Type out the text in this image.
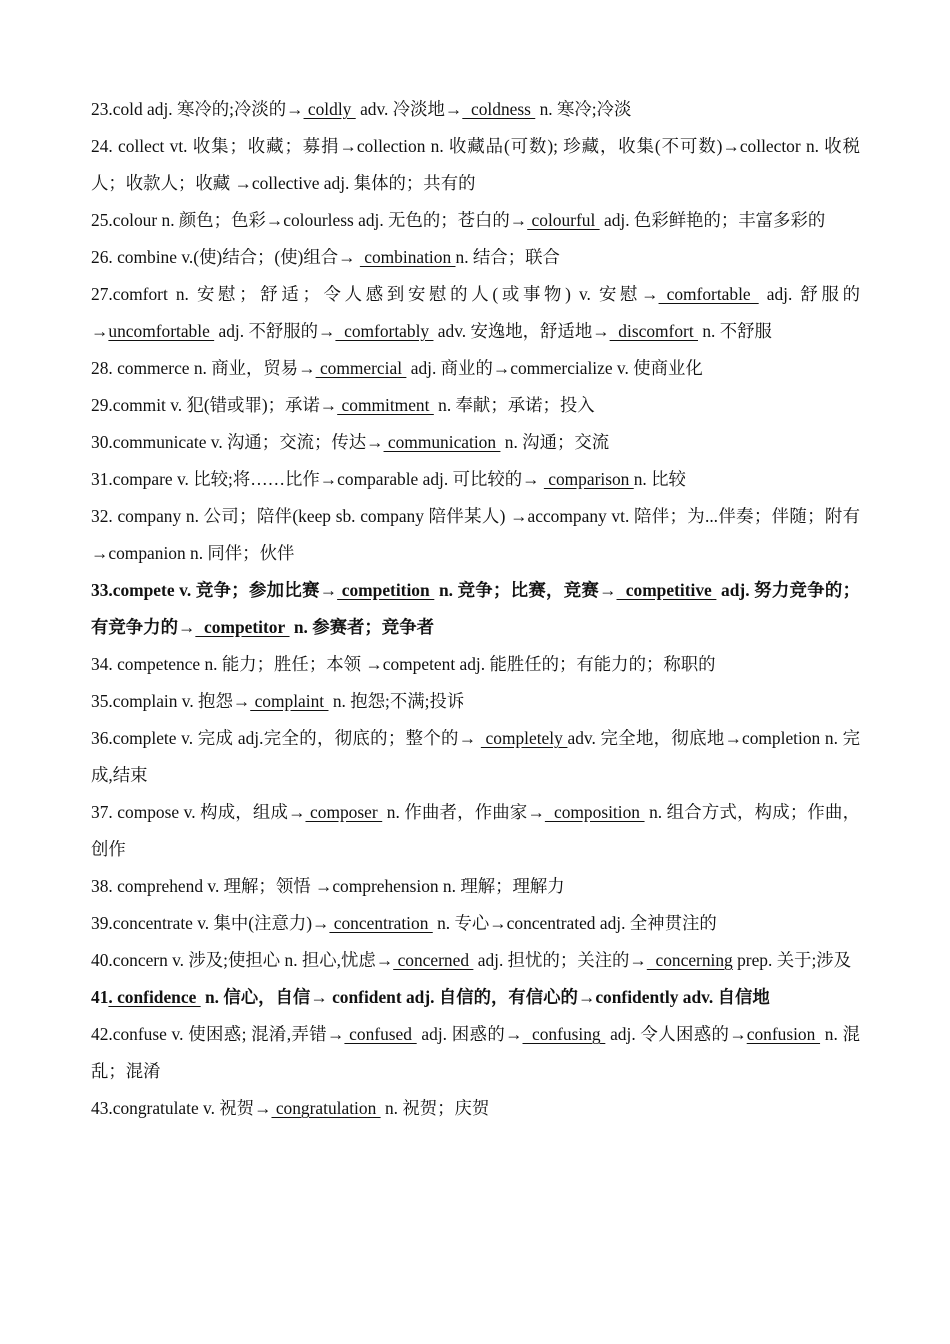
23.cold adj. 寒冷的;冷淡的→ coldly  adv. 冷淡地→  coldness  n. 寒冷;冷淡

24. collect vt. 收集；收藏；募捐→collection n. 收藏品(可数); 珍藏，收集(不可数)→collector n. 收税人；收款人；收藏 →collective adj. 集体的；共有的

25.colour n. 颜色；色彩→colourless adj. 无色的；苍白的→ colourful  adj. 色彩鲜艳的；丰富多彩的

26. combine v.(使)结合；(使)组合→  combination n. 结合；联合

27.comfort n. 安慰；舒适；令人感到安慰的人(或事物) v. 安慰→ comfortable  adj. 舒服的→uncomfortable  adj. 不舒服的→  comfortably  adv. 安逸地，舒适地→  discomfort  n. 不舒服

28. commerce n. 商业，贸易→ commercial  adj. 商业的→commercialize v. 使商业化

29.commit v. 犯(错或罪)；承诺→ commitment  n. 奉献；承诺；投入

30.communicate v. 沟通；交流；传达→ communication  n. 沟通；交流

31.compare v. 比较;将……比作→comparable adj. 可比较的→  comparison n. 比较

32. company n. 公司；陪伴(keep sb. company 陪伴某人) →accompany vt. 陪伴；为...伴奏；伴随；附有 →companion n. 同伴；伙伴

33.compete v. 竞争；参加比赛→ competition  n. 竞争；比赛，竞赛→  competitive  adj. 努力竞争的；有竞争力的→  competitor  n. 参赛者；竞争者

34. competence n. 能力；胜任；本领 →competent adj. 能胜任的；有能力的；称职的

35.complain v. 抱怨→ complaint  n. 抱怨;不满;投诉

36.complete v. 完成 adj.完全的，彻底的；整个的→  completely adv. 完全地，彻底地→completion n. 完成,结束

37. compose v. 构成，组成→ composer  n. 作曲者，作曲家→  composition  n. 组合方式，构成；作曲，创作

38. comprehend v. 理解；领悟 →comprehension n. 理解；理解力

39.concentrate v. 集中(注意力)→ concentration  n. 专心→concentrated adj. 全神贯注的

40.concern v. 涉及;使担心 n. 担心,忧虑→ concerned  adj. 担忧的；关注的→  concerning prep. 关于;涉及

41. confidence  n. 信心，自信→ confident adj. 自信的，有信心的→confidently adv. 自信地

42.confuse v. 使困惑; 混淆,弄错→ confused  adj. 困惑的→  confusing  adj. 令人困惑的→confusion  n. 混乱；混淆

43.congratulate v. 祝贺→ congratulation  n. 祝贺；庆贺
